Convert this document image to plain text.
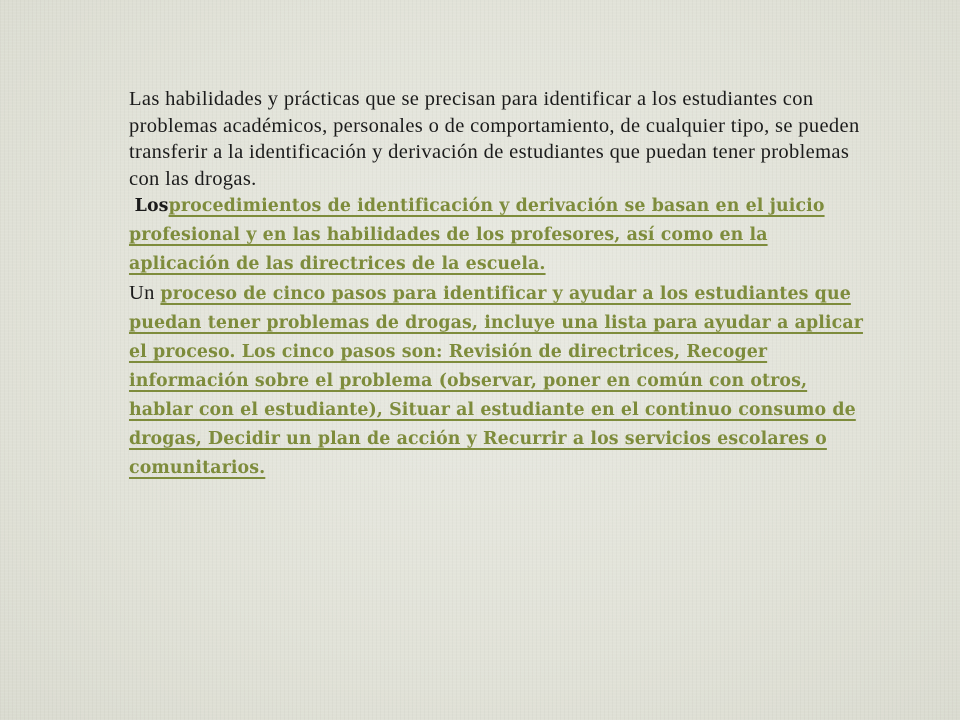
Las habilidades y prácticas que se precisan para identificar a los estudiantes con problemas académicos, personales o de comportamiento, de cualquier tipo, se pueden transferir a la identificación y derivación de estudiantes que puedan tener problemas con las drogas.

Losprocedimientos de identificación y derivación se basan en el juicio profesional y en las habilidades de los profesores, así como en la aplicación de las directrices de la escuela.

Un proceso de cinco pasos para identificar y ayudar a los estudiantes que puedan tener problemas de drogas, incluye una lista para ayudar a aplicar el proceso. Los cinco pasos son: Revisión de directrices, Recoger información sobre el problema (observar, poner en común con otros, hablar con el estudiante), Situar al estudiante en el continuo consumo de drogas, Decidir un plan de acción y Recurrir a los servicios escolares o comunitarios.
